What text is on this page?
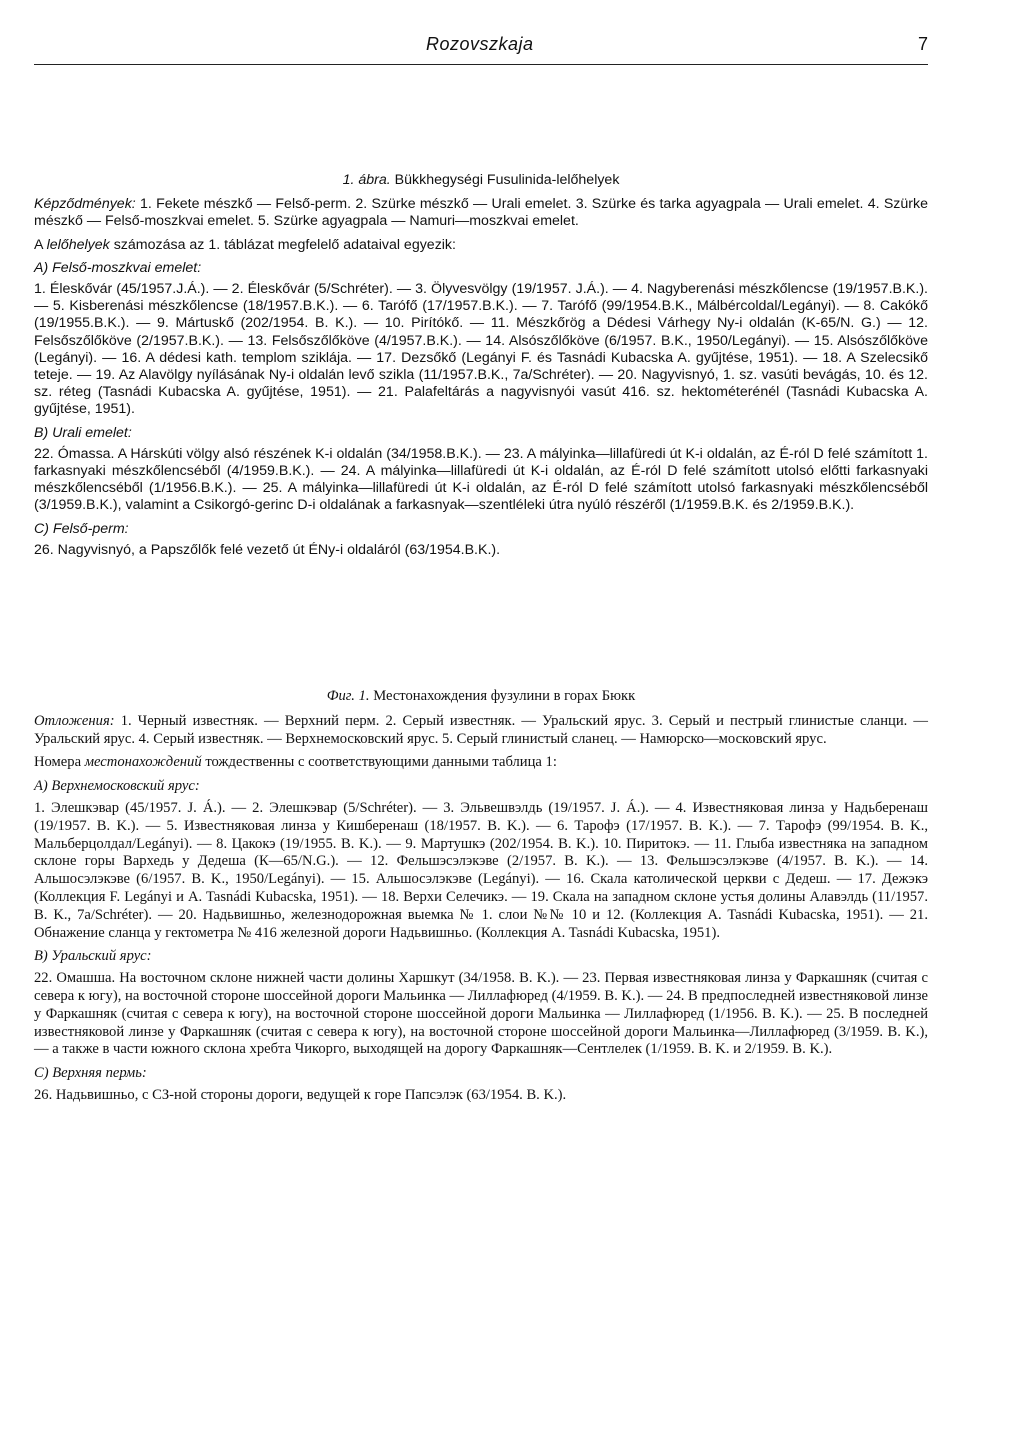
Rozovszkaja	7

1. ábra. Bükkhegységi Fusulinida-lelőhelyek

Képződmények: 1. Fekete mészkő — Felső-perm. 2. Szürke mészkő — Urali emelet. 3. Szürke és tarka agyagpala — Urali emelet. 4. Szürke mészkő — Felső-moszkvai emelet. 5. Szürke agyagpala — Namuri—moszkvai emelet.

A lelőhelyek számozása az 1. táblázat megfelelő adataival egyezik:

A) Felső-moszkvai emelet:

1. Éleskővár (45/1957.J.Á.). — 2. Éleskővár (5/Schréter). — 3. Ölyvesvölgy (19/1957. J.Á.). — 4. Nagyberenási mészkőlencse (19/1957.B.K.). — 5. Kisberenási mészkőlencse (18/1957.B.K.). — 6. Tarófő (17/1957.B.K.). — 7. Tarófő (99/1954.B.K., Málbércoldal/Legányi). — 8. Cakókő (19/1955.B.K.). — 9. Mártuskő (202/1954. B. K.). — 10. Pirítókő. — 11. Mészkőrög a Dédesi Várhegy Ny-i oldalán (K-65/N. G.) — 12. Felsőszőlőköve (2/1957.B.K.). — 13. Felsőszőlőköve (4/1957.B.K.). — 14. Alsószőlőköve (6/1957. B.K., 1950/Legányi). — 15. Alsószőlőköve (Legányi). — 16. A dédesi kath. templom sziklája. — 17. Dezsőkő (Legányi F. és Tasnádi Kubacska A. gyűjtése, 1951). — 18. A Szelecsikő teteje. — 19. Az Alavölgy nyílásának Ny-i oldalán levő szikla (11/1957.B.K., 7a/Schréter). — 20. Nagyvisnyó, 1. sz. vasúti bevágás, 10. és 12. sz. réteg (Tasnádi Kubacska A. gyűjtése, 1951). — 21. Palafeltárás a nagyvisnyói vasút 416. sz. hektométerénél (Tasnádi Kubacska A. gyűjtése, 1951).

B) Urali emelet:

22. Ómassa. A Hárskúti völgy alsó részének K-i oldalán (34/1958.B.K.). — 23. A mályinka—lillafüredi út K-i oldalán, az É-ról D felé számított 1. farkasnyaki mészkőlencséből (4/1959.B.K.). — 24. A mályinka—lillafüredi út K-i oldalán, az É-ról D felé számított utolsó előtti farkasnyaki mészkőlencséből (1/1956.B.K.). — 25. A mályinka—lillafüredi út K-i oldalán, az É-ról D felé számított utolsó farkasnyaki mészkőlencséből (3/1959.B.K.), valamint a Csikorgó-gerinc D-i oldalának a farkasnyak—szentléleki útra nyúló részéről (1/1959.B.K. és 2/1959.B.K.).

C) Felső-perm:

26. Nagyvisnyó, a Papszőlők felé vezető út ÉNy-i oldaláról (63/1954.B.K.).

Фиг. 1. Местонахождения фузулини в горах Бюкк

Отложения: 1. Черный известняк. — Верхний перм. 2. Серый известняк. — Уральский ярус. 3. Серый и пестрый глинистые сланци. — Уральский ярус. 4. Серый известняк. — Верхнемосковский ярус. 5. Серый глинистый сланец. — Намюрско—московский ярус.

Номера местонахождений тождественны с соответствующими данными таблица 1:

А) Верхнемосковский ярус:

1. Элешкэвар (45/1957. J. Á.). — 2. Элешкэвар (5/Schréter). — 3. Эльвешвэлдь (19/1957. J. Á.). — 4. Известняковая линза у Надьберенаш (19/1957. B. K.). — 5. Известняковая линза у Кишберенаш (18/1957. B. K.). — 6. Тарофэ (17/1957. B. K.). — 7. Тарофэ (99/1954. B. K., Мальберцолдал/Legányi). — 8. Цакокэ (19/1955. B. K.). — 9. Мартушкэ (202/1954. B. K.). 10. Пиритокэ. — 11. Глыба известняка на западном склоне горы Вархедь у Дедеша (К—65/N.G.). — 12. Фельшэсэлэкэве (2/1957. B. K.). — 13. Фельшэсэлэкэве (4/1957. B. K.). — 14. Альшосэлэкэве (6/1957. B. K., 1950/Legányi). — 15. Альшосэлэкэве (Legányi). — 16. Скала католической церкви с Дедеш. — 17. Дежэкэ (Коллекция F. Legányi и A. Tasnádi Kubacska, 1951). — 18. Верхи Селечикэ. — 19. Скала на западном склоне устья долины Алавэлдь (11/1957. B. K., 7a/Schréter). — 20. Надьвишньо, железнодорожная выемка № 1. слои №№ 10 и 12. (Коллекция A. Tasnádi Kubacska, 1951). — 21. Обнажение сланца у гектометра № 416 железной дороги Надьвишньо. (Коллекция A. Tasnádi Kubacska, 1951).

B) Уральский ярус:

22. Омашша. На восточном склоне нижней части долины Харшкут (34/1958. B. K.). — 23. Первая известняковая линза у Фаркашняк (считая с севера к югу), на восточной стороне шоссейной дороги Мальинка — Лиллафюред (4/1959. B. K.). — 24. В предпоследней известняковой линзе у Фаркашняк (считая с севера к югу), на восточной стороне шоссейной дороги Мальинка — Лиллафюред (1/1956. B. K.). — 25. В последней известняковой линзе у Фаркашняк (считая с севера к югу), на восточной стороне шоссейной дороги Мальинка—Лиллафюред (3/1959. B. K.), — а также в части южного склона хребта Чикорго, выходящей на дорогу Фаркашняк—Сентлелек (1/1959. B. K. и 2/1959. B. K.).

C) Верхняя пермь:

26. Надьвишньо, с СЗ-ной стороны дороги, ведущей к горе Папсэлэк (63/1954. B. K.).
